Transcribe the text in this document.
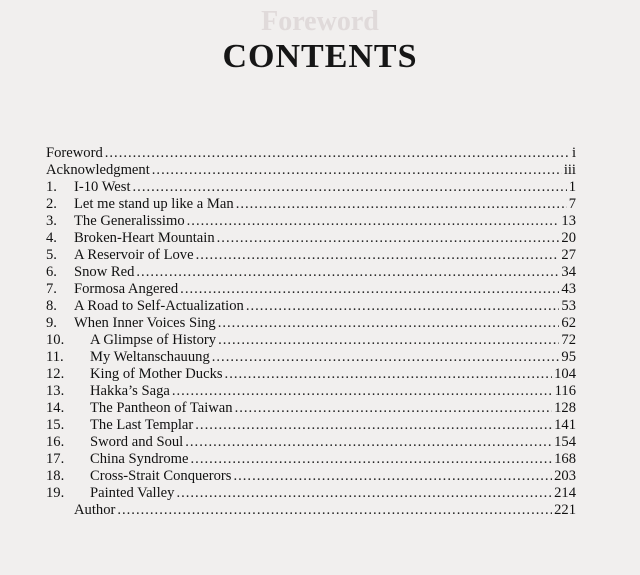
Foreword
CONTENTS
Foreword .....	i
Acknowledgment .....	iii
1.	I-10 West .....	1
2.	Let me stand up like a Man .....	7
3.	The Generalissimo .....	13
4.	Broken-Heart Mountain .....	20
5.	A Reservoir of Love .....	27
6.	Snow Red .....	34
7.	Formosa Angered .....	43
8.	A Road to Self-Actualization .....	53
9.	When Inner Voices Sing .....	62
10.	A Glimpse of History .....	72
11.	My Weltanschauung .....	95
12.	King of Mother Ducks .....	104
13.	Hakka’s Saga .....	116
14.	The Pantheon of Taiwan .....	128
15.	The Last Templar .....	141
16.	Sword and Soul .....	154
17.	China Syndrome .....	168
18.	Cross-Strait Conquerors .....	203
19.	Painted Valley .....	214
Author .....	221
